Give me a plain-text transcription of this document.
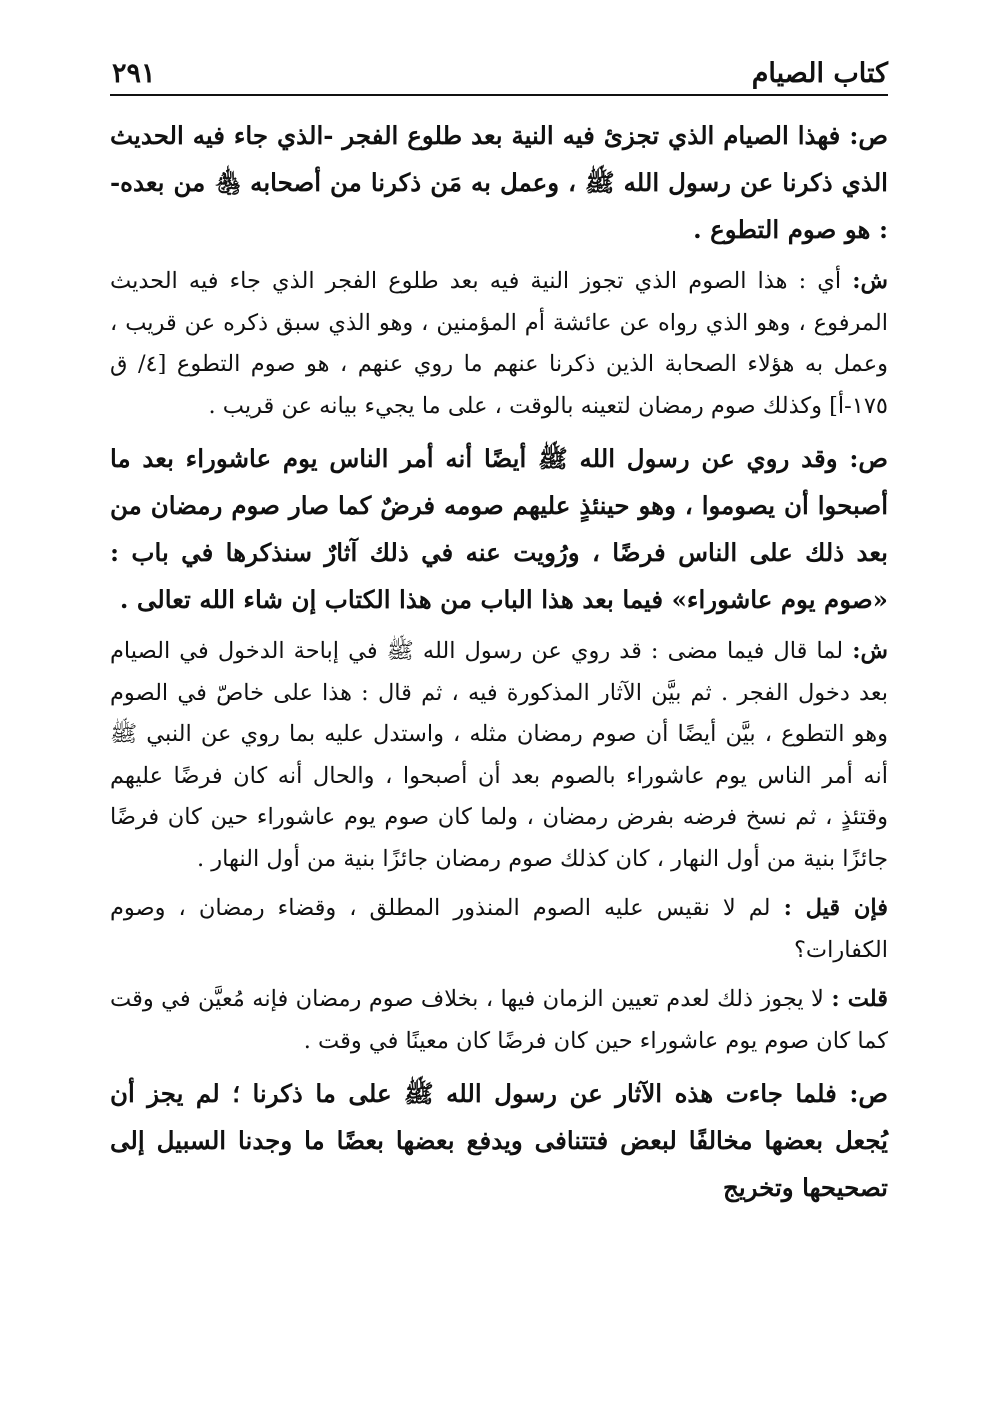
كتاب الصيام
٢٩١

ص: فهذا الصيام الذي تجزئ فيه النية بعد طلوع الفجر -الذي جاء فيه الحديث الذي ذكرنا عن رسول الله ﷺ ، وعمل به مَن ذكرنا من أصحابه ﵃ من بعده- : هو صوم التطوع .

ش: أي : هذا الصوم الذي تجوز النية فيه بعد طلوع الفجر الذي جاء فيه الحديث المرفوع ، وهو الذي رواه عن عائشة أم المؤمنين ، وهو الذي سبق ذكره عن قريب ، وعمل به هؤلاء الصحابة الذين ذكرنا عنهم ما روي عنهم ، هو صوم التطوع [٤/ ق ١٧٥-أ] وكذلك صوم رمضان لتعينه بالوقت ، على ما يجيء بيانه عن قريب .

ص: وقد روي عن رسول الله ﷺ أيضًا أنه أمر الناس يوم عاشوراء بعد ما أصبحوا أن يصوموا ، وهو حينئذٍ عليهم صومه فرضٌ كما صار صوم رمضان من بعد ذلك على الناس فرضًا ، ورُويت عنه في ذلك آثارٌ سنذكرها في باب : «صوم يوم عاشوراء» فيما بعد هذا الباب من هذا الكتاب إن شاء الله تعالى .

ش: لما قال فيما مضى : قد روي عن رسول الله ﷺ في إباحة الدخول في الصيام بعد دخول الفجر . ثم بيَّن الآثار المذكورة فيه ، ثم قال : هذا على خاصّ في الصوم وهو التطوع ، بيَّن أيضًا أن صوم رمضان مثله ، واستدل عليه بما روي عن النبي ﷺ أنه أمر الناس يوم عاشوراء بالصوم بعد أن أصبحوا ، والحال أنه كان فرضًا عليهم وقتئذٍ ، ثم نسخ فرضه بفرض رمضان ، ولما كان صوم يوم عاشوراء حين كان فرضًا جائزًا بنية من أول النهار ، كان كذلك صوم رمضان جائزًا بنية من أول النهار .

فإن قيل : لم لا نقيس عليه الصوم المنذور المطلق ، وقضاء رمضان ، وصوم الكفارات؟

قلت : لا يجوز ذلك لعدم تعيين الزمان فيها ، بخلاف صوم رمضان فإنه مُعيَّن في وقت كما كان صوم يوم عاشوراء حين كان فرضًا كان معينًا في وقت .

ص: فلما جاءت هذه الآثار عن رسول الله ﷺ على ما ذكرنا ؛ لم يجز أن يُجعل بعضها مخالفًا لبعض فتتنافى ويدفع بعضها بعضًا ما وجدنا السبيل إلى تصحيحها وتخريج
